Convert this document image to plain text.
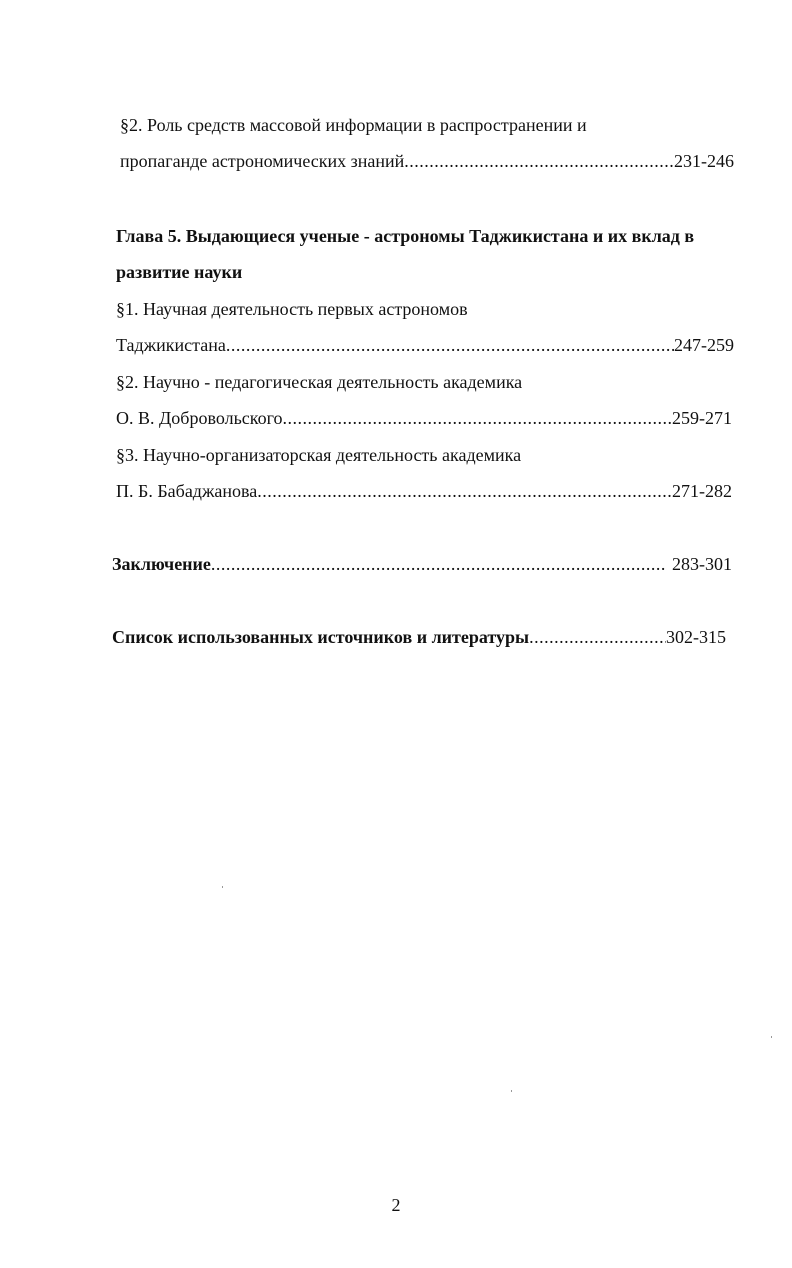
§2. Роль средств массовой информации в распространении и
пропаганде астрономических знаний .....	231-246
Глава 5. Выдающиеся ученые - астрономы Таджикистана и их вклад в
развитие науки
§1. Научная деятельность первых астрономов
Таджикистана .....	247-259
§2. Научно - педагогическая деятельность академика
О. В. Добровольского .....	259-271
§3. Научно-организаторская деятельность академика
П. Б. Бабаджанова .....	271-282
Заключение .....	283-301
Список использованных источников и литературы .....	302-315
2
